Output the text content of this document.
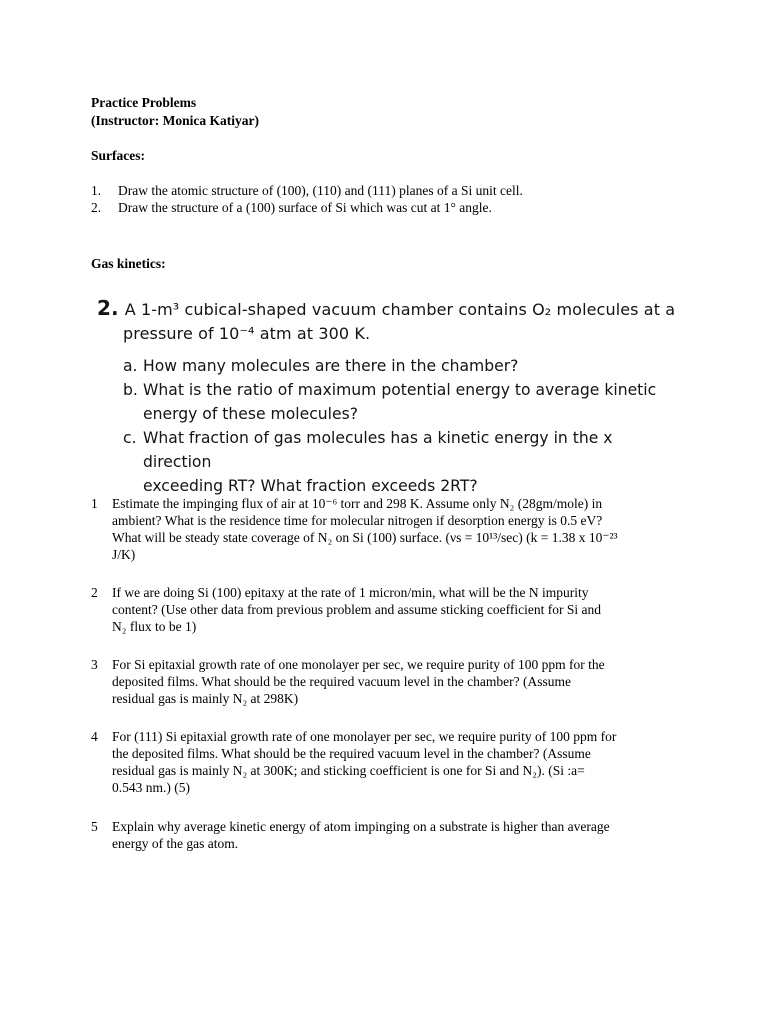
Practice Problems
(Instructor: Monica Katiyar)
Surfaces:
1.	Draw the atomic structure of (100), (110) and (111) planes of a Si unit cell.
2.	Draw the structure of a (100) surface of Si which was cut at 1° angle.
Gas kinetics:
2. A 1-m³ cubical-shaped vacuum chamber contains O₂ molecules at a
pressure of 10⁻⁴ atm at 300 K.
a. How many molecules are there in the chamber?
b. What is the ratio of maximum potential energy to average kinetic
energy of these molecules?
c. What fraction of gas molecules has a kinetic energy in the x direction
exceeding RT? What fraction exceeds 2RT?
1	Estimate the impinging flux of air at 10⁻⁶ torr and 298 K. Assume only N₂ (28gm/mole) in
ambient? What is the residence time for molecular nitrogen if desorption energy is 0.5 eV?
What will be steady state coverage of N₂ on Si (100) surface. (νs = 10¹³/sec) (k = 1.38 x 10⁻²³
J/K)
2	If we are doing Si (100) epitaxy at the rate of 1 micron/min, what will be the N impurity
content? (Use other data from previous problem and assume sticking coefficient for Si and
N₂ flux to be 1)
3	For Si epitaxial growth rate of one monolayer per sec, we require purity of 100 ppm for the
deposited films. What should be the required vacuum level in the chamber? (Assume
residual gas is mainly N₂ at 298K)
4	For (111) Si epitaxial growth rate of one monolayer per sec, we require purity of 100 ppm for
the deposited films. What should be the required vacuum level in the chamber? (Assume
residual gas is mainly N₂ at 300K; and sticking coefficient is one for Si and N₂). (Si :a=
0.543 nm.) (5)
5	Explain why average kinetic energy of atom impinging on a substrate is higher than average
energy of the gas atom.
